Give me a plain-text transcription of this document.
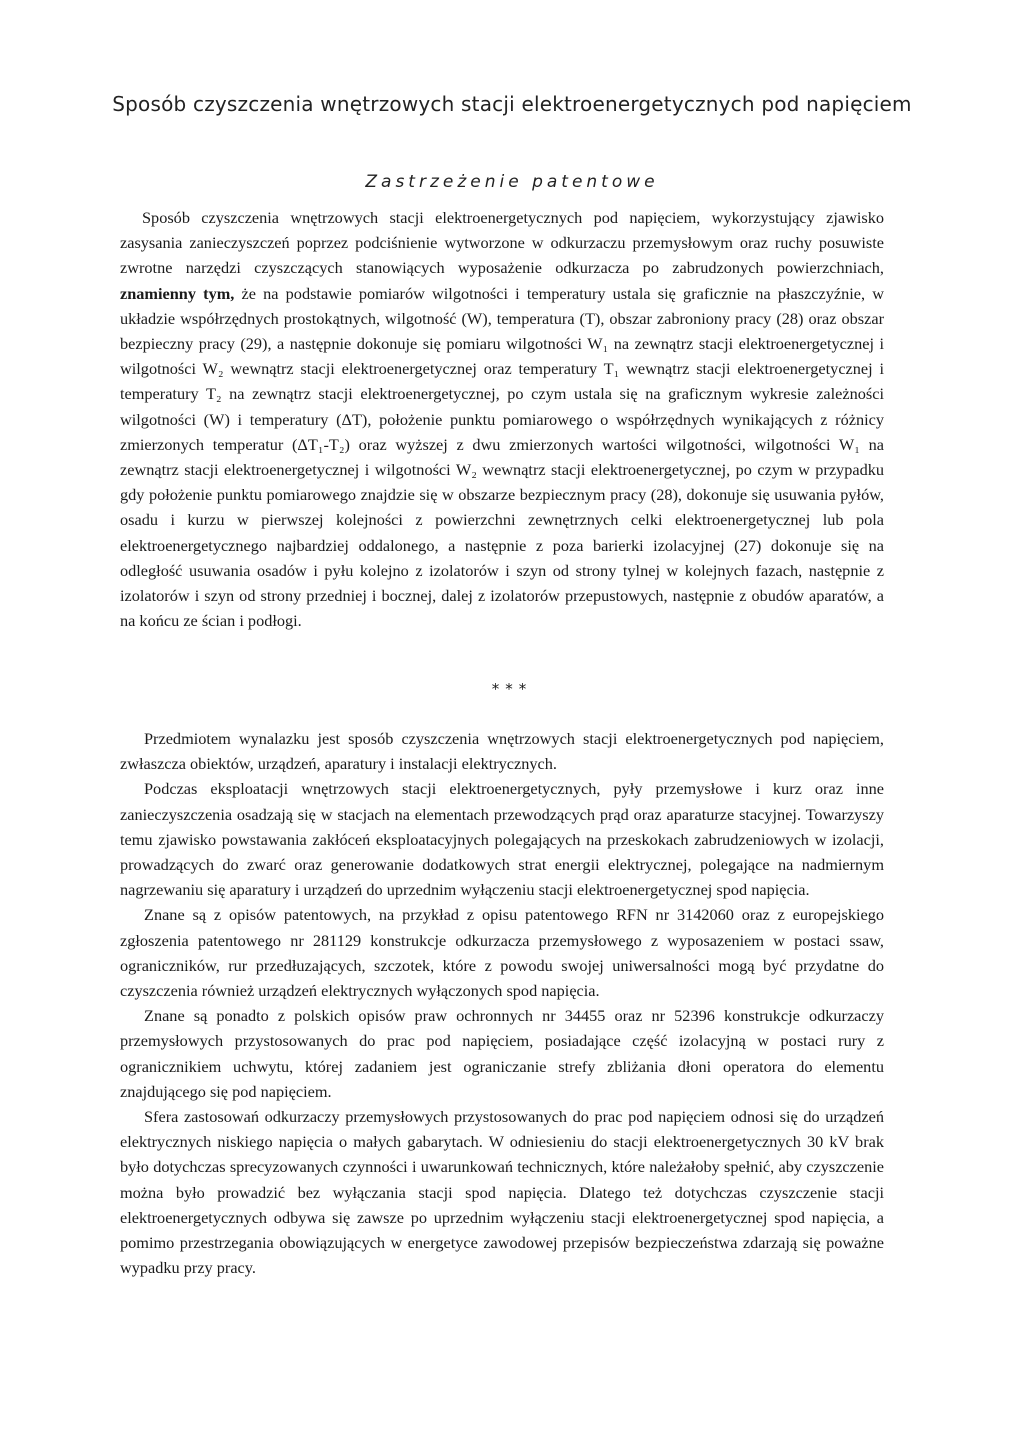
Sposób czyszczenia wnętrzowych stacji elektroenergetycznych pod napięciem
Zastrzeżenie patentowe

Sposób czyszczenia wnętrzowych stacji elektroenergetycznych pod napięciem, wykorzystujący zjawisko zasysania zanieczyszczeń poprzez podciśnienie wytworzone w odkurzaczu przemysłowym oraz ruchy posuwiste zwrotne narzędzi czyszczących stanowiących wyposażenie odkurzacza po zabrudzonych powierzchniach, znamienny tym, że na podstawie pomiarów wilgotności i temperatury ustala się graficznie na płaszczyźnie, w układzie współrzędnych prostokątnych, wilgotność (W), temperatura (T), obszar zabroniony pracy (28) oraz obszar bezpieczny pracy (29), a następnie dokonuje się pomiaru wilgotności W₁ na zewnątrz stacji elektroenergetycznej i wilgotności W₂ wewnątrz stacji elektroenergetycznej oraz temperatury T₁ wewnątrz stacji elektroenergetycznej i temperatury T₂ na zewnątrz stacji elektroenergetycznej, po czym ustala się na graficznym wykresie zależności wilgotności (W) i temperatury (ΔT), położenie punktu pomiarowego o współrzędnych wynikających z różnicy zmierzonych temperatur (ΔT₁-T₂) oraz wyższej z dwu zmierzonych wartości wilgotności, wilgotności W₁ na zewnątrz stacji elektroenergetycznej i wilgotności W₂ wewnątrz stacji elektroenergetycznej, po czym w przypadku gdy położenie punktu pomiarowego znajdzie się w obszarze bezpiecznym pracy (28), dokonuje się usuwania pyłów, osadu i kurzu w pierwszej kolejności z powierzchni zewnętrznych celki elektroenergetycznej lub pola elektroenergetycznego najbardziej oddalonego, a następnie z poza barierki izolacyjnej (27) dokonuje się na odległość usuwania osadów i pyłu kolejno z izolatorów i szyn od strony tylnej w kolejnych fazach, następnie z izolatorów i szyn od strony przedniej i bocznej, dalej z izolatorów przepustowych, następnie z obudów aparatów, a na końcu ze ścian i podłogi.

***

Przedmiotem wynalazku jest sposób czyszczenia wnętrzowych stacji elektroenergetycznych pod napięciem, zwłaszcza obiektów, urządzeń, aparatury i instalacji elektrycznych.

Podczas eksploatacji wnętrzowych stacji elektroenergetycznych, pyły przemysłowe i kurz oraz inne zanieczyszczenia osadzają się w stacjach na elementach przewodzących prąd oraz aparaturze stacyjnej. Towarzyszy temu zjawisko powstawania zakłóceń eksploatacyjnych polegających na przeskokach zabrudzeniowych w izolacji, prowadzących do zwarć oraz generowanie dodatkowych strat energii elektrycznej, polegające na nadmiernym nagrzewaniu się aparatury i urządzeń do uprzednim wyłączeniu stacji elektroenergetycznej spod napięcia.

Znane są z opisów patentowych, na przykład z opisu patentowego RFN nr 3142060 oraz z europejskiego zgłoszenia patentowego nr 281129 konstrukcje odkurzacza przemysłowego z wyposazeniem w postaci ssaw, ograniczników, rur przedłuzających, szczotek, które z powodu swojej uniwersalności mogą być przydatne do czyszczenia również urządzeń elektrycznych wyłączonych spod napięcia.

Znane są ponadto z polskich opisów praw ochronnych nr 34455 oraz nr 52396 konstrukcje odkurzaczy przemysłowych przystosowanych do prac pod napięciem, posiadające część izolacyjną w postaci rury z ogranicznikiem uchwytu, której zadaniem jest ograniczanie strefy zbliżania dłoni operatora do elementu znajdującego się pod napięciem.

Sfera zastosowań odkurzaczy przemysłowych przystosowanych do prac pod napięciem odnosi się do urządzeń elektrycznych niskiego napięcia o małych gabarytach. W odniesieniu do stacji elektroenergetycznych 30 kV brak było dotychczas sprecyzowanych czynności i uwarunkowań technicznych, które należałoby spełnić, aby czyszczenie można było prowadzić bez wyłączania stacji spod napięcia. Dlatego też dotychczas czyszczenie stacji elektroenergetycznych odbywa się zawsze po uprzednim wyłączeniu stacji elektroenergetycznej spod napięcia, a pomimo przestrzegania obowiązujących w energetyce zawodowej przepisów bezpieczeństwa zdarzają się poważne wypadku przy pracy.
